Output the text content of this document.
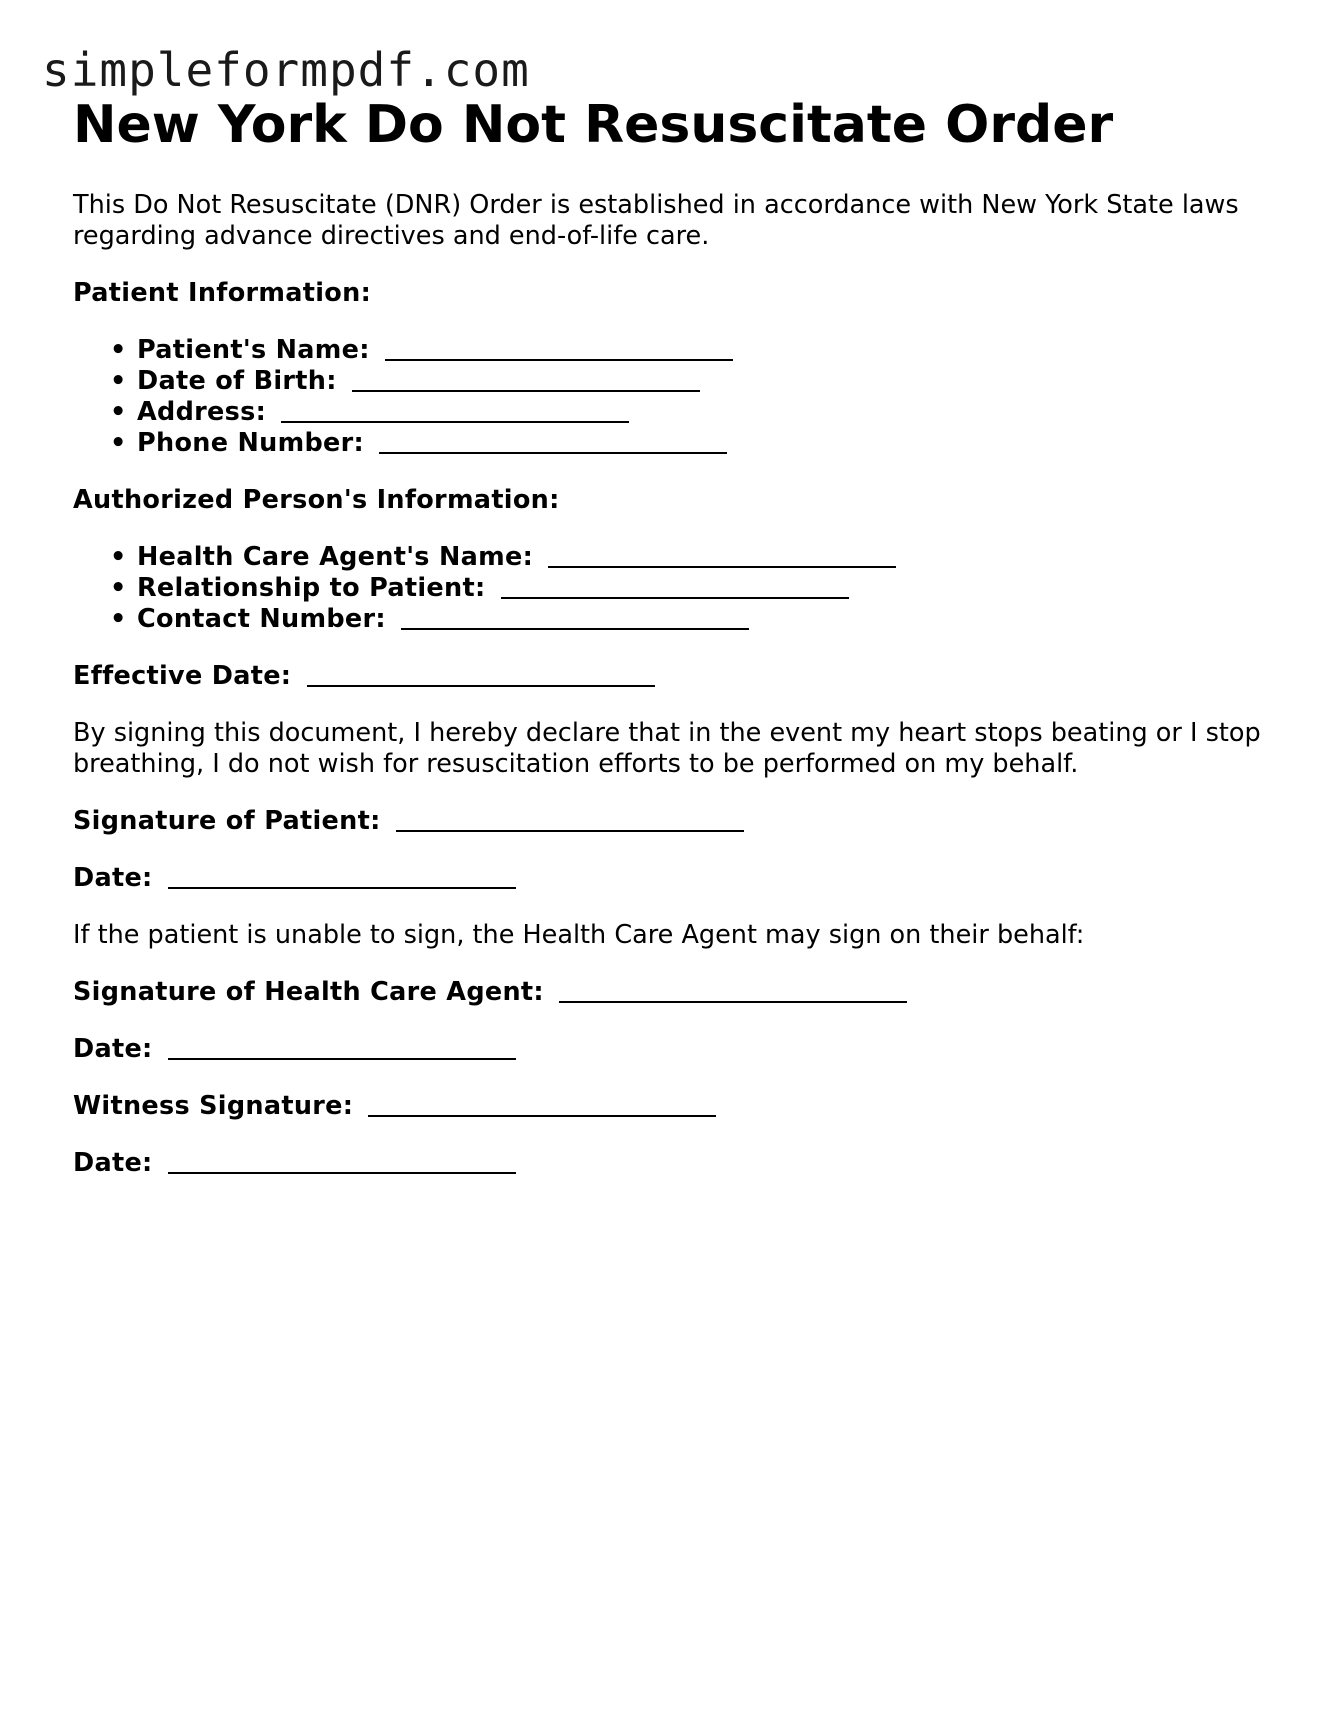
simpleformpdf.com
New York Do Not Resuscitate Order

This Do Not Resuscitate (DNR) Order is established in accordance with New York State laws regarding advance directives and end-of-life care.

Patient Information:

• Patient's Name:
• Date of Birth:
• Address:
• Phone Number:

Authorized Person's Information:

• Health Care Agent's Name:
• Relationship to Patient:
• Contact Number:

Effective Date:

By signing this document, I hereby declare that in the event my heart stops beating or I stop breathing, I do not wish for resuscitation efforts to be performed on my behalf.

Signature of Patient:

Date:

If the patient is unable to sign, the Health Care Agent may sign on their behalf:

Signature of Health Care Agent:

Date:

Witness Signature:

Date:
